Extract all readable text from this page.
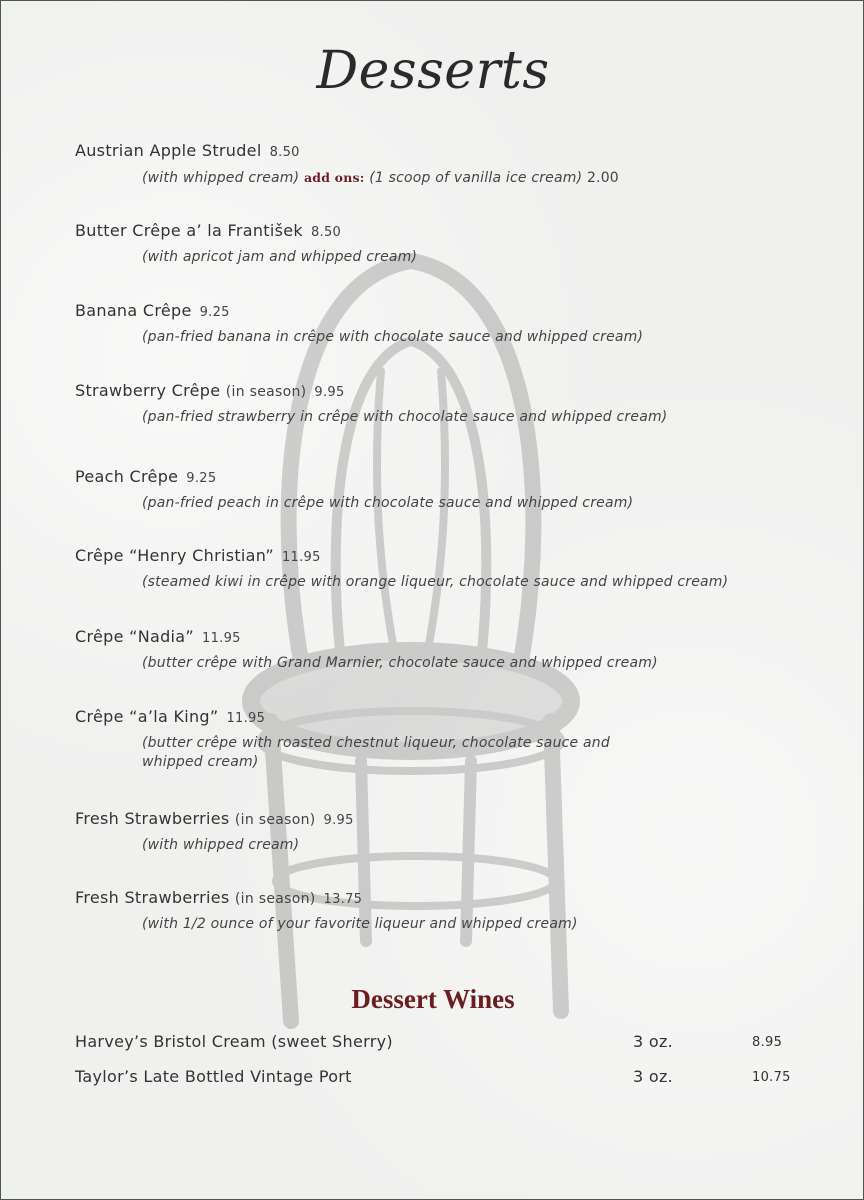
Desserts
Austrian Apple Strudel 8.50
(with whipped cream) add ons: (1 scoop of vanilla ice cream) 2.00
Butter Crêpe a’ la František 8.50
(with apricot jam and whipped cream)
Banana Crêpe 9.25
(pan-fried banana in crêpe with chocolate sauce and whipped cream)
Strawberry Crêpe (in season) 9.95
(pan-fried strawberry in crêpe with chocolate sauce and whipped cream)
Peach Crêpe 9.25
(pan-fried peach in crêpe with chocolate sauce and whipped cream)
Crêpe “Henry Christian” 11.95
(steamed kiwi in crêpe with orange liqueur, chocolate sauce and whipped cream)
Crêpe “Nadia” 11.95
(butter crêpe with Grand Marnier, chocolate sauce and whipped cream)
Crêpe “a’la King” 11.95
(butter crêpe with roasted chestnut liqueur, chocolate sauce and whipped cream)
Fresh Strawberries (in season) 9.95
(with whipped cream)
Fresh Strawberries (in season) 13.75
(with 1/2 ounce of your favorite liqueur and whipped cream)
Dessert Wines
Harvey’s Bristol Cream (sweet Sherry)	3 oz.	8.95
Taylor’s Late Bottled Vintage Port	3 oz.	10.75
